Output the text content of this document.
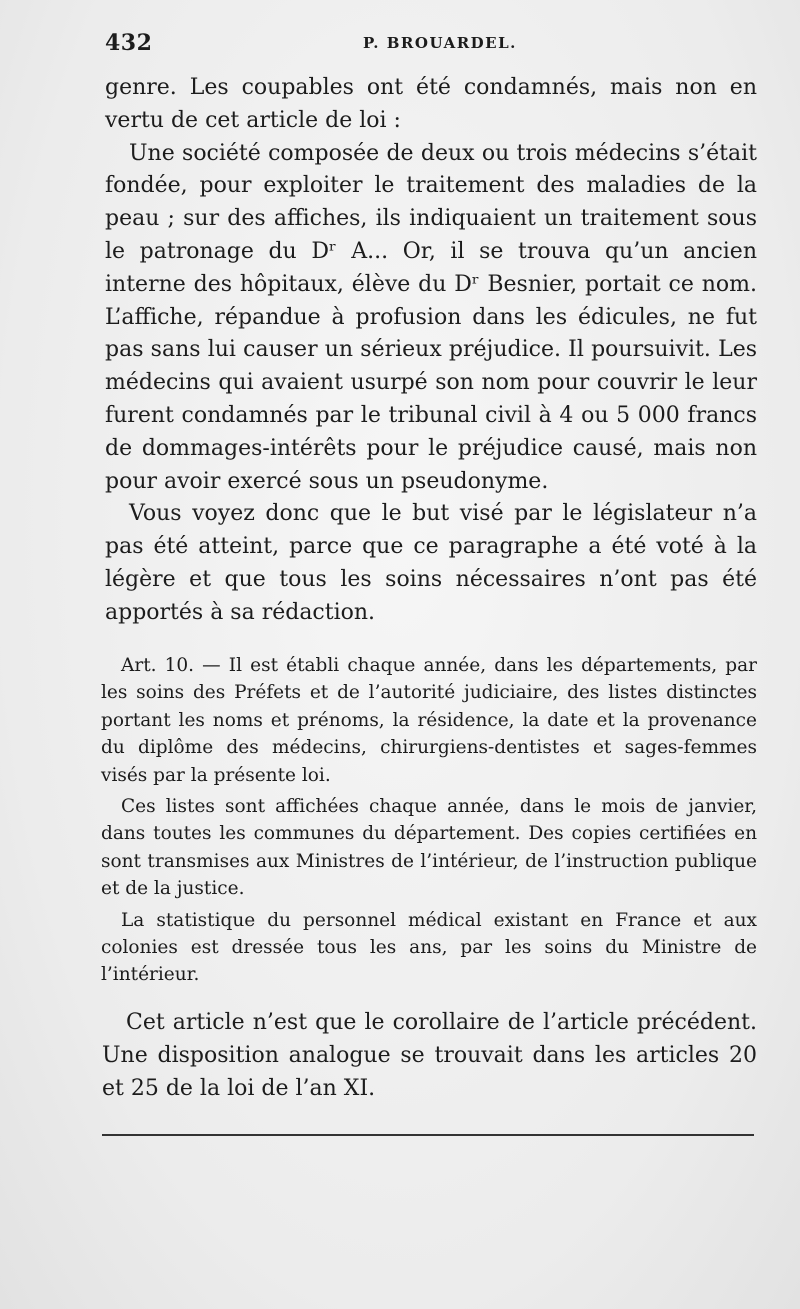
432	P. BROUARDEL.

genre. Les coupables ont été condamnés, mais non en vertu de cet article de loi :

Une société composée de deux ou trois médecins s’était fondée, pour exploiter le traitement des maladies de la peau ; sur des affiches, ils indiquaient un traitement sous le patronage du Dʳ A... Or, il se trouva qu’un ancien interne des hôpitaux, élève du Dʳ Besnier, portait ce nom. L’affiche, répandue à profusion dans les édicules, ne fut pas sans lui causer un sérieux préjudice. Il poursuivit. Les médecins qui avaient usurpé son nom pour couvrir le leur furent condamnés par le tribunal civil à 4 ou 5 000 francs de dommages-intérêts pour le préjudice causé, mais non pour avoir exercé sous un pseudonyme.

Vous voyez donc que le but visé par le législateur n’a pas été atteint, parce que ce paragraphe a été voté à la légère et que tous les soins nécessaires n’ont pas été apportés à sa rédaction.

Art. 10. — Il est établi chaque année, dans les départements, par les soins des Préfets et de l’autorité judiciaire, des listes distinctes portant les noms et prénoms, la résidence, la date et la provenance du diplôme des médecins, chirurgiens-dentistes et sages-femmes visés par la présente loi.

Ces listes sont affichées chaque année, dans le mois de janvier, dans toutes les communes du département. Des copies certifiées en sont transmises aux Ministres de l’intérieur, de l’instruction publique et de la justice.

La statistique du personnel médical existant en France et aux colonies est dressée tous les ans, par les soins du Ministre de l’intérieur.

Cet article n’est que le corollaire de l’article précédent. Une disposition analogue se trouvait dans les articles 20 et 25 de la loi de l’an XI.
